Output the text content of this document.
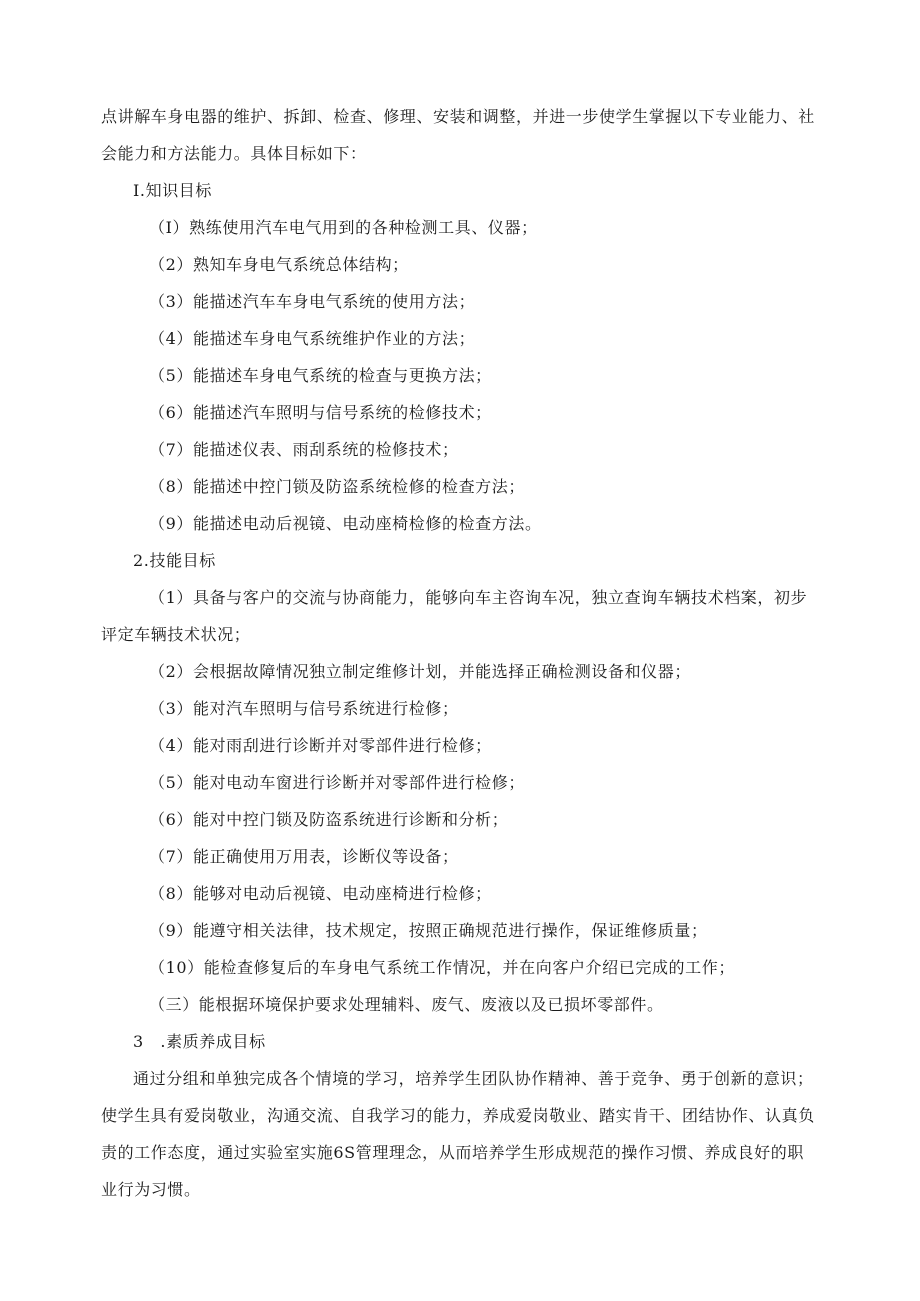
点讲解车身电器的维护、拆卸、检查、修理、安装和调整，并进一步使学生掌握以下专业能力、社
会能力和方法能力。具体目标如下：
I.知识目标
（I）熟练使用汽车电气用到的各种检测工具、仪器；
（2）熟知车身电气系统总体结构；
（3）能描述汽车车身电气系统的使用方法；
（4）能描述车身电气系统维护作业的方法；
（5）能描述车身电气系统的检查与更换方法；
（6）能描述汽车照明与信号系统的检修技术；
（7）能描述仪表、雨刮系统的检修技术；
（8）能描述中控门锁及防盗系统检修的检查方法；
（9）能描述电动后视镜、电动座椅检修的检查方法。
2.技能目标
（1）具备与客户的交流与协商能力，能够向车主咨询车况，独立查询车辆技术档案，初步
评定车辆技术状况；
（2）会根据故障情况独立制定维修计划，并能选择正确检测设备和仪器；
（3）能对汽车照明与信号系统进行检修；
（4）能对雨刮进行诊断并对零部件进行检修；
（5）能对电动车窗进行诊断并对零部件进行检修；
（6）能对中控门锁及防盗系统进行诊断和分析；
（7）能正确使用万用表，诊断仪等设备；
（8）能够对电动后视镜、电动座椅进行检修；
（9）能遵守相关法律，技术规定，按照正确规范进行操作，保证维修质量；
（10）能检查修复后的车身电气系统工作情况，并在向客户介绍已完成的工作；
（三）能根据环境保护要求处理辅料、废气、废液以及已损坏零部件。
3　.素质养成目标
通过分组和单独完成各个情境的学习，培养学生团队协作精神、善于竞争、勇于创新的意识；
使学生具有爱岗敬业，沟通交流、自我学习的能力，养成爱岗敬业、踏实肯干、团结协作、认真负
责的工作态度，通过实验室实施6S管理理念，从而培养学生形成规范的操作习惯、养成良好的职
业行为习惯。
